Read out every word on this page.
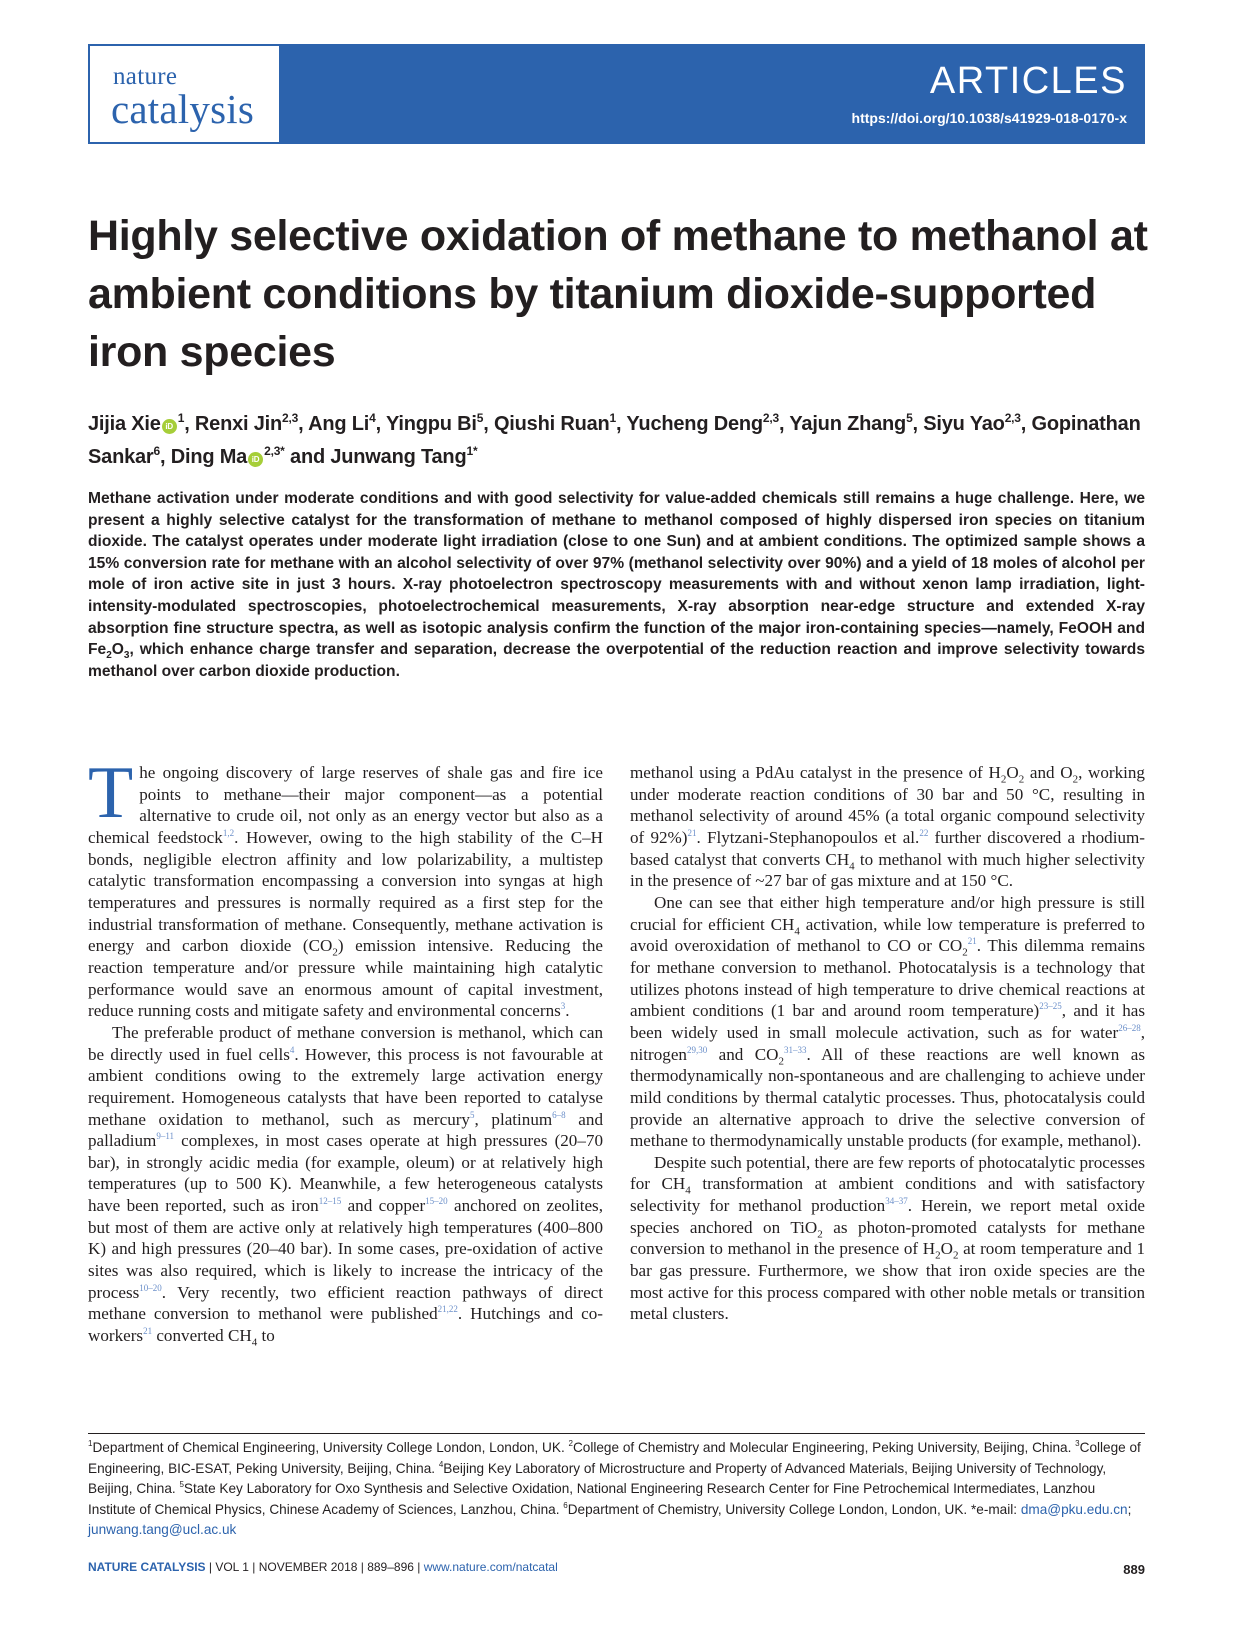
nature
catalysis
ARTICLES
https://doi.org/10.1038/s41929-018-0170-x
Highly selective oxidation of methane to methanol at ambient conditions by titanium dioxide-supported iron species
Jijia Xie $iD^1$, Renxi Jin$^{2,3}$, Ang Li$^4$, Yingpu Bi$^5$, Qiushi Ruan$^1$, Yucheng Deng$^{2,3}$, Yajun Zhang$^5$, Siyu Yao$^{2,3}$, Gopinathan Sankar$^6$, Ding Ma $iD^{2,3*}$ and Junwang Tang$^{1*}$
Methane activation under moderate conditions and with good selectivity for value-added chemicals still remains a huge challenge. Here, we present a highly selective catalyst for the transformation of methane to methanol composed of highly dispersed iron species on titanium dioxide. The catalyst operates under moderate light irradiation (close to one Sun) and at ambient conditions. The optimized sample shows a 15% conversion rate for methane with an alcohol selectivity of over 97% (methanol selectivity over 90%) and a yield of 18 moles of alcohol per mole of iron active site in just 3 hours. X-ray photoelectron spectroscopy measurements with and without xenon lamp irradiation, light-intensity-modulated spectroscopies, photoelectrochemical measurements, X-ray absorption near-edge structure and extended X-ray absorption fine structure spectra, as well as isotopic analysis confirm the function of the major iron-containing species—namely, FeOOH and $Fe_2O_3$, which enhance charge transfer and separation, decrease the overpotential of the reduction reaction and improve selectivity towards methanol over carbon dioxide production.

The ongoing discovery of large reserves of shale gas and fire ice points to methane—their major component—as a potential alternative to crude oil, not only as an energy vector but also as a chemical feedstock$^{1,2}$. However, owing to the high stability of the C–H bonds, negligible electron affinity and low polarizability, a multistep catalytic transformation encompassing a conversion into syngas at high temperatures and pressures is normally required as a first step for the industrial transformation of methane. Consequently, methane activation is energy and carbon dioxide $(CO_2)$ emission intensive. Reducing the reaction temperature and/or pressure while maintaining high catalytic performance would save an enormous amount of capital investment, reduce running costs and mitigate safety and environmental concerns$^3$.

The preferable product of methane conversion is methanol, which can be directly used in fuel cells$^4$. However, this process is not favourable at ambient conditions owing to the extremely large activation energy requirement. Homogeneous catalysts that have been reported to catalyse methane oxidation to methanol, such as mercury$^5$, platinum$^{6-8}$ and palladium$^{9-11}$ complexes, in most cases operate at high pressures (20–70 bar), in strongly acidic media (for example, oleum) or at relatively high temperatures (up to 500 K). Meanwhile, a few heterogeneous catalysts have been reported, such as iron$^{12-15}$ and copper$^{15-20}$ anchored on zeolites, but most of them are active only at relatively high temperatures (400–800 K) and high pressures (20–40 bar). In some cases, pre-oxidation of active sites was also required, which is likely to increase the intricacy of the process$^{10-20}$. Very recently, two efficient reaction pathways of direct methane conversion to methanol were published$^{21,22}$. Hutchings and co-workers$^{21}$ converted $CH_4$ to

methanol using a PdAu catalyst in the presence of $H_2O_2$ and $O_2$, working under moderate reaction conditions of 30 bar and 50 °C, resulting in methanol selectivity of around 45% (a total organic compound selectivity of 92%)$^{21}$. Flytzani-Stephanopoulos et al.$^{22}$ further discovered a rhodium-based catalyst that converts $CH_4$ to methanol with much higher selectivity in the presence of ~27 bar of gas mixture and at 150 °C.

One can see that either high temperature and/or high pressure is still crucial for efficient $CH_4$ activation, while low temperature is preferred to avoid overoxidation of methanol to CO or $CO_2^{21}$. This dilemma remains for methane conversion to methanol. Photocatalysis is a technology that utilizes photons instead of high temperature to drive chemical reactions at ambient conditions (1 bar and around room temperature)$^{23-25}$, and it has been widely used in small molecule activation, such as for water$^{26-28}$, nitrogen$^{29,30}$ and $CO_2^{31-33}$. All of these reactions are well known as thermodynamically non-spontaneous and are challenging to achieve under mild conditions by thermal catalytic processes. Thus, photocatalysis could provide an alternative approach to drive the selective conversion of methane to thermodynamically unstable products (for example, methanol).

Despite such potential, there are few reports of photocatalytic processes for $CH_4$ transformation at ambient conditions and with satisfactory selectivity for methanol production$^{34-37}$. Herein, we report metal oxide species anchored on TiO$_2$ as photon-promoted catalysts for methane conversion to methanol in the presence of $H_2O_2$ at room temperature and 1 bar gas pressure. Furthermore, we show that iron oxide species are the most active for this process compared with other noble metals or transition metal clusters.

$^1$Department of Chemical Engineering, University College London, London, UK. $^2$College of Chemistry and Molecular Engineering, Peking University, Beijing, China. $^3$College of Engineering, BIC-ESAT, Peking University, Beijing, China. $^4$Beijing Key Laboratory of Microstructure and Property of Advanced Materials, Beijing University of Technology, Beijing, China. $^5$State Key Laboratory for Oxo Synthesis and Selective Oxidation, National Engineering Research Center for Fine Petrochemical Intermediates, Lanzhou Institute of Chemical Physics, Chinese Academy of Sciences, Lanzhou, China. $^6$Department of Chemistry, University College London, London, UK. *e-mail: dma@pku.edu.cn; junwang.tang@ucl.ac.uk
NATURE CATALYSIS | VOL 1 | NOVEMBER 2018 | 889–896 | www.nature.com/natcatal	889
